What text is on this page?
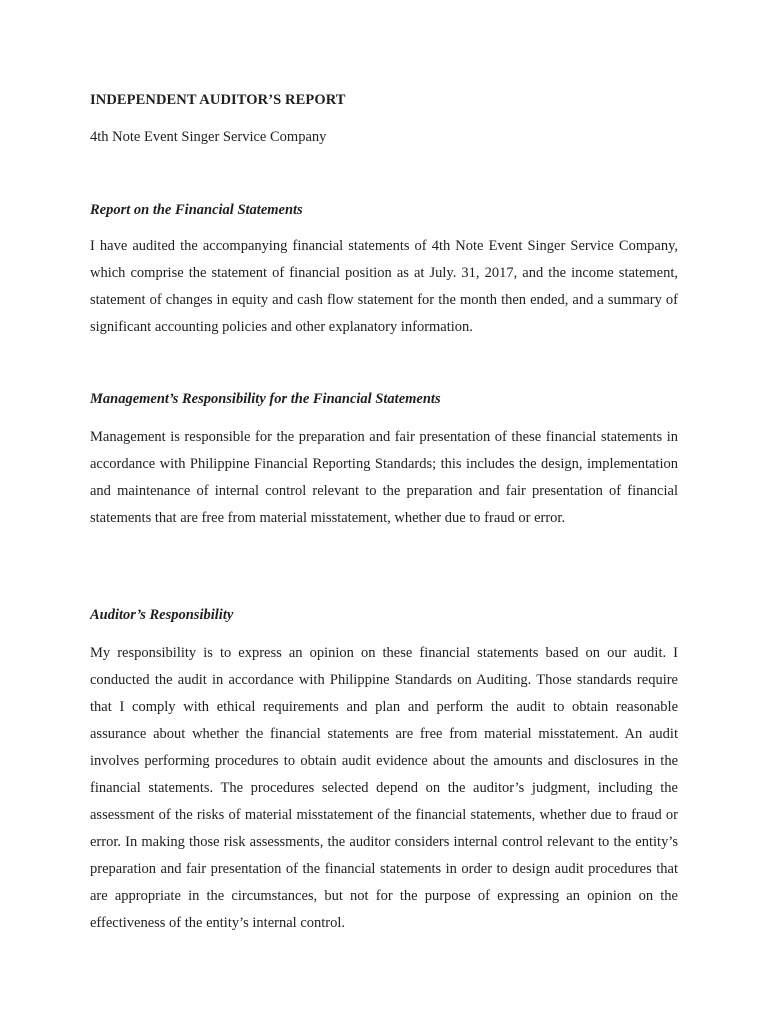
INDEPENDENT AUDITOR’S REPORT

4th Note Event Singer Service Company

Report on the Financial Statements

I have audited the accompanying financial statements of 4th Note Event Singer Service Company, which comprise the statement of financial position as at July. 31, 2017, and the income statement, statement of changes in equity and cash flow statement for the month then ended, and a summary of significant accounting policies and other explanatory information.

Management’s Responsibility for the Financial Statements

Management is responsible for the preparation and fair presentation of these financial statements in accordance with Philippine Financial Reporting Standards; this includes the design, implementation and maintenance of internal control relevant to the preparation and fair presentation of financial statements that are free from material misstatement, whether due to fraud or error.

Auditor’s Responsibility

My responsibility is to express an opinion on these financial statements based on our audit. I conducted the audit in accordance with Philippine Standards on Auditing. Those standards require that I comply with ethical requirements and plan and perform the audit to obtain reasonable assurance about whether the financial statements are free from material misstatement. An audit involves performing procedures to obtain audit evidence about the amounts and disclosures in the financial statements. The procedures selected depend on the auditor’s judgment, including the assessment of the risks of material misstatement of the financial statements, whether due to fraud or error. In making those risk assessments, the auditor considers internal control relevant to the entity’s preparation and fair presentation of the financial statements in order to design audit procedures that are appropriate in the circumstances, but not for the purpose of expressing an opinion on the effectiveness of the entity’s internal control.
